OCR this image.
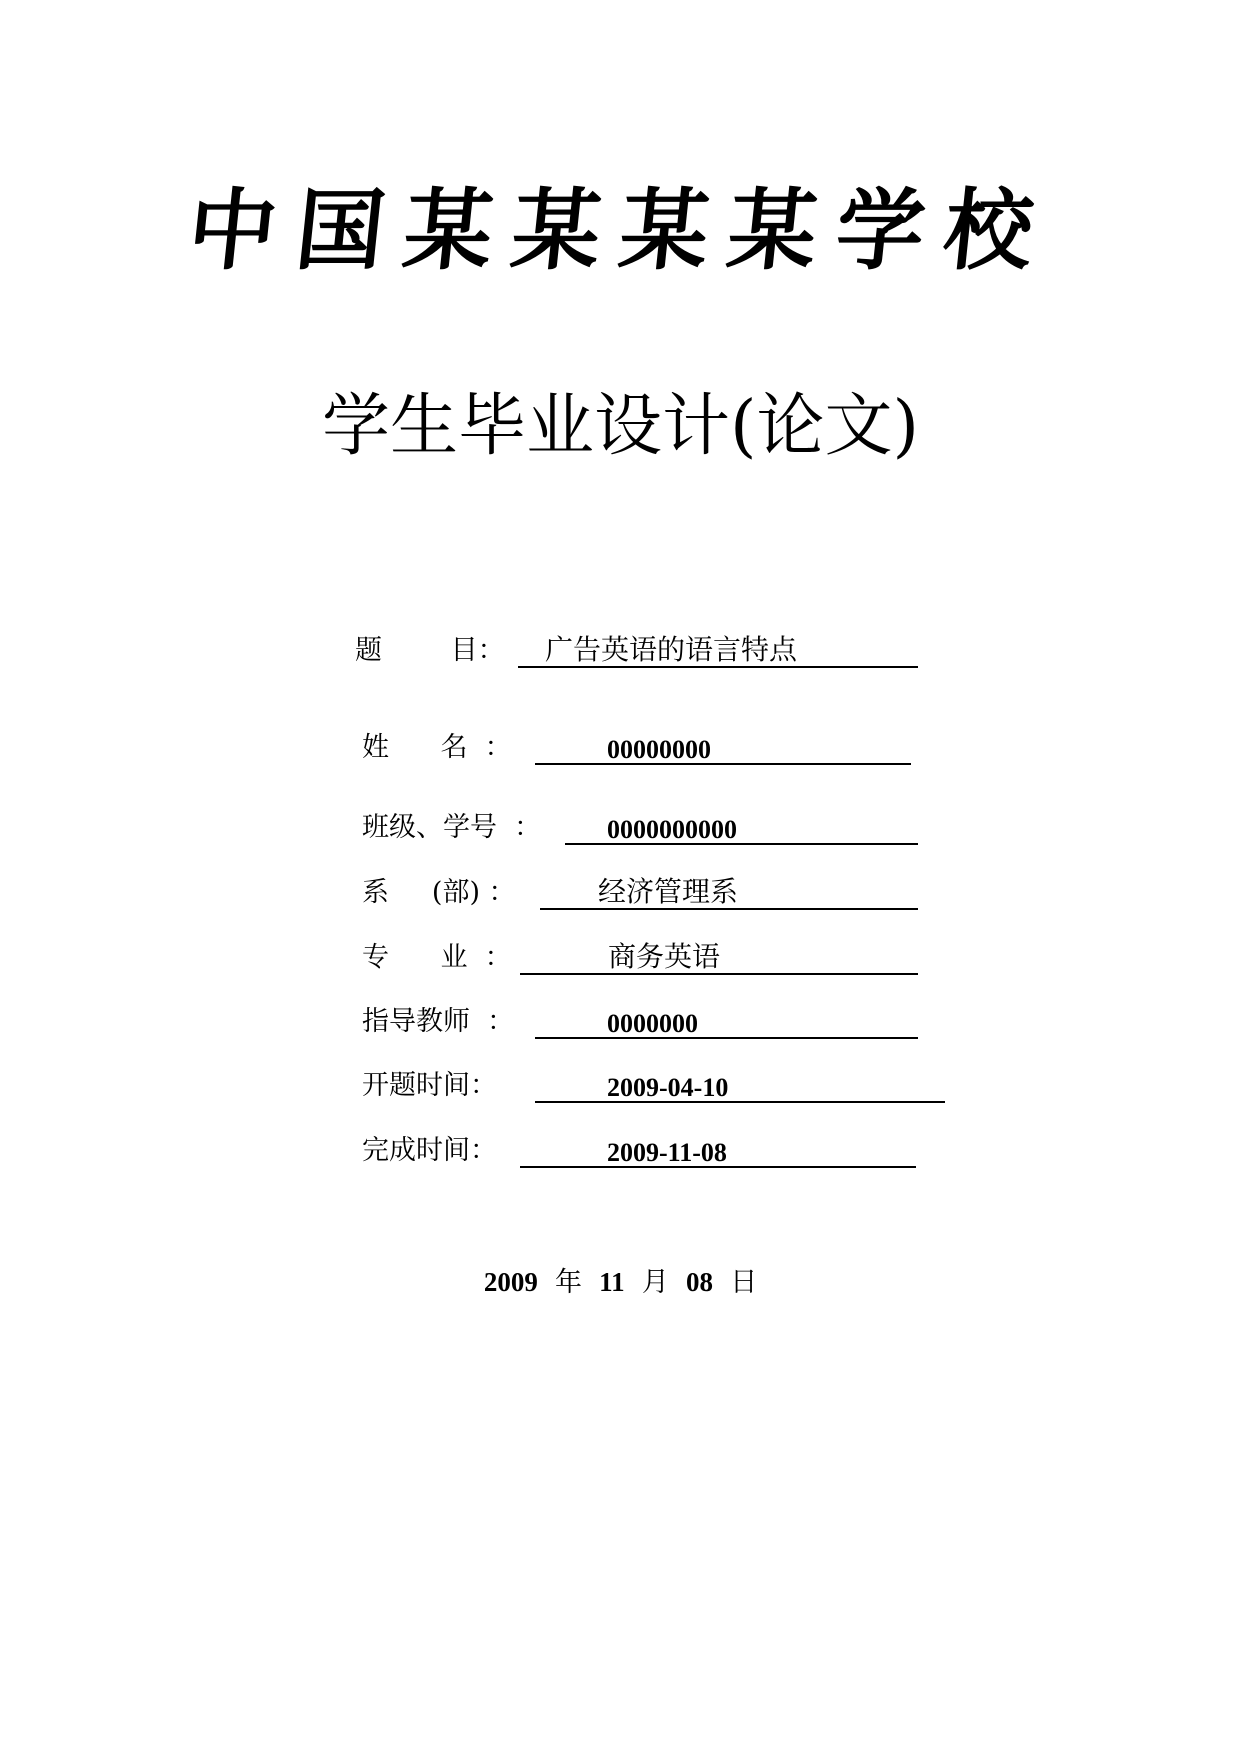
中国某某某某学校
学生毕业设计(论文)
题        目： 广告英语的语言特点
姓      名  ：	00000000
班级、学号  ：	0000000000
系     (部) ：	经济管理系
专      业  ：	商务英语
指导教师  ：	0000000
开题时间：	2009-04-10
完成时间：	2009-11-08
2009 年 11 月 08 日
